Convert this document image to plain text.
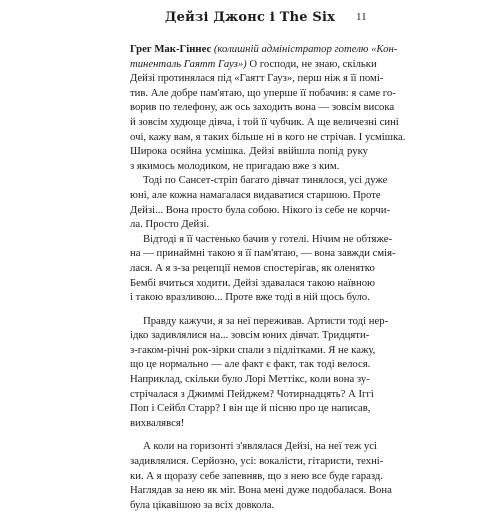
Дейзі Джонс і The Six	11
Грег Мак-Гіннес (колишній адміністратор готелю «Кон-
тиненталь Гаятт Гауз») О господи, не знаю, скільки
Дейзі протинялася під «Гаятт Гауз», перш ніж я її помі-
тив. Але добре пам'ятаю, що уперше її побачив: я саме го-
ворив по телефону, аж ось заходить вона — зовсім висока
й зовсім худюще дівча, і той її чубчик. А ще величезні сині
очі, кажу вам, я таких більше ні в кого не стрічав. І усмішка.
Широка осяйна усмішка. Дейзі ввійшла попід руку
з якимось молодиком, не пригадаю вже з ким.
Тоді по Сансет-стріп багато дівчат тинялося, усі дуже
юні, але кожна намагалася видаватися старшою. Проте
Дейзі... Вона просто була собою. Нікого із себе не корчи-
ла. Просто Дейзі.
Відтоді я її частенько бачив у готелі. Нічим не обтяже-
на — принаймні такою я її пам'ятаю, — вона завжди смія-
лася. А я з-за рецепції немов спостерігав, як оленятко
Бембі вчиться ходити. Дейзі здавалася такою наївною
і такою вразливою... Проте вже тоді в ній щось було.
Правду кажучи, я за неї переживав. Артисти тоді нер-
ідко задивлялися на... зовсім юних дівчат. Тридцяти-
з-гаком-річні рок-зірки спали з підлітками. Я не кажу,
що це нормально — але факт є факт, так тоді велося.
Наприклад, скільки було Лорі Меттікс, коли вона зу-
стрічалася з Джиммі Пейджем? Чотирнадцять? А Іггі
Поп і Сейбл Старр? І він ще й пісню про це написав,
вихвалявся!
А коли на горизонті з'являлася Дейзі, на неї теж усі
задивлялися. Серйозно, усі: вокалісти, гітаристи, техні-
ки. А я щоразу себе запевняв, що з нею все буде гаразд.
Наглядав за нею як міг. Вона мені дуже подобалася. Вона
була цікавішою за всіх довкола.
